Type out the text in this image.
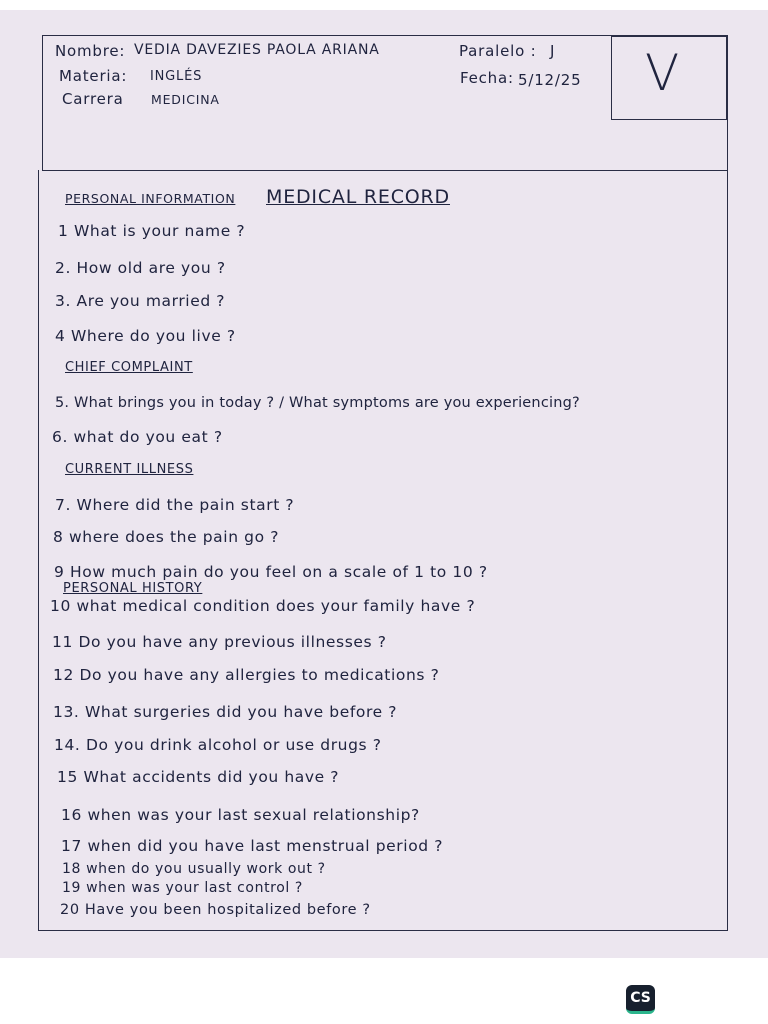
Nombre: VEDIA DAVEZIES PAOLA ARIANA
Materia: INGLÉS
Carrera MEDICINA
Paralelo : J
Fecha: 5/12/25 V
PERSONAL INFORMATION MEDICAL RECORD
1 What is your name ?
2. How old are you ?
3. Are you married ?
4 Where do you live ?
CHIEF COMPLAINT
5. What brings you in today ? / What symptoms are you experiencing?
6. what do you eat ?
CURRENT ILLNESS
7. Where did the pain start ?
8 where does the pain go ?
9 How much pain do you feel on a scale of 1 to 10 ?
PERSONAL HISTORY
10 what medical condition does your family have ?
11 Do you have any previous illnesses ?
12 Do you have any allergies to medications ?
13. What surgeries did you have before ?
14. Do you drink alcohol or use drugs ?
15 What accidents did you have ?
16 when was your last sexual relationship?
17 when did you have last menstrual period ?
18 when do you usually work out ?
19 when was your last control ?
20 Have you been hospitalized before ?
CS
